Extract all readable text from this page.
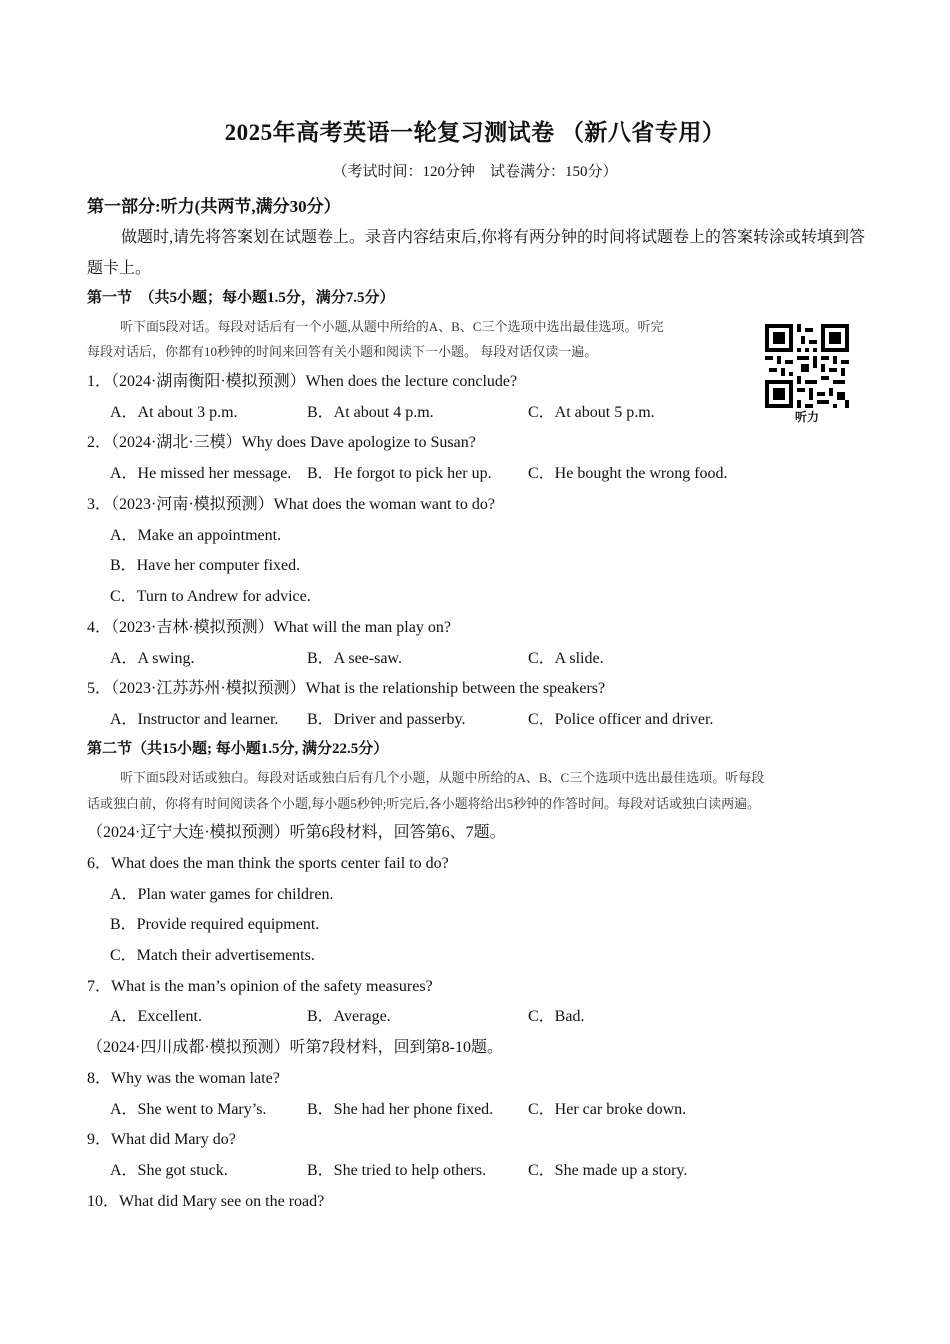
2025年高考英语一轮复习测试卷 （新八省专用）
（考试时间：120分钟　试卷满分：150分）
第一部分:听力(共两节,满分30分）
做题时,请先将答案划在试题卷上。录音内容结束后,你将有两分钟的时间将试题卷上的答案转涂或转填到答题卡上。
第一节　（共5小题；每小题1.5分，满分7.5分）
听下面5段对话。每段对话后有一个小题,从题中所给的A、B、C三个选项中选出最佳选项。听完
每段对话后，你都有10秒钟的时间来回答有关小题和阅读下一小题。 每段对话仅读一遍。
听力
1．（2024·湖南衡阳·模拟预测）When does the lecture conclude?
A．At about 3 p.m.	B．At about 4 p.m.	C．At about 5 p.m.
2．（2024·湖北·三模）Why does Dave apologize to Susan?
A．He missed her message. B．He forgot to pick her up. C．He bought the wrong food.
3．（2023·河南·模拟预测）What does the woman want to do?
A．Make an appointment.
B．Have her computer fixed.
C．Turn to Andrew for advice.
4．（2023·吉林·模拟预测）What will the man play on?
A．A swing.	B．A see-saw.	C．A slide.
5．（2023·江苏苏州·模拟预测）What is the relationship between the speakers?
A．Instructor and learner. B．Driver and passerby.	C．Police officer and driver.
第二节（共15小题; 每小题1.5分, 满分22.5分）
听下面5段对话或独白。每段对话或独白后有几个小题，从题中所给的A、B、C三个选项中选出最佳选项。听每段
话或独白前，你将有时间阅读各个小题,每小题5秒钟;听完后,各小题将给出5秒钟的作答时间。每段对话或独白读两遍。
（2024·辽宁大连·模拟预测）听第6段材料，回答第6、7题。
6．What does the man think the sports center fail to do?
A．Plan water games for children.
B．Provide required equipment.
C．Match their advertisements.
7．What is the man’s opinion of the safety measures?
A．Excellent.	B．Average.	C．Bad.
（2024·四川成都·模拟预测）听第7段材料，回到第8-10题。
8．Why was the woman late?
A．She went to Mary’s.	B．She had her phone fixed. C．Her car broke down.
9．What did Mary do?
A．She got stuck.	B．She tried to help others.	C．She made up a story.
10．What did Mary see on the road?
